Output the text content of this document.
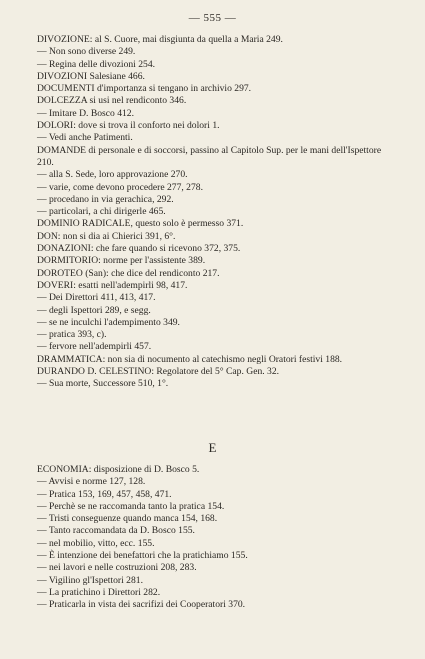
— 555 —

DIVOZIONE: al S. Cuore, mai disgiunta da quella a Maria 249.

— Non sono diverse 249.

— Regina delle divozioni 254.

DIVOZIONI Salesiane 466.

DOCUMENTI d'importanza si tengano in archivio 297.

DOLCEZZA si usi nel rendiconto 346.

— Imitare D. Bosco 412.

DOLORI: dove si trova il conforto nei dolori 1.

— Vedi anche Patimenti.

DOMANDE di personale e di soccorsi, passino al Capitolo Sup. per le mani dell'Ispettore 210.

— alla S. Sede, loro approvazione 270.

— varie, come devono procedere 277, 278.

— procedano in via gerachica, 292.

— particolari, a chi dirigerle 465.

DOMINIO RADICALE, questo solo è permesso 371.

DON: non si dia ai Chierici 391, 6°.

DONAZIONI: che fare quando si ricevono 372, 375.

DORMITORIO: norme per l'assistente 389.

DOROTEO (San): che dice del rendiconto 217.

DOVERI: esatti nell'adempirli 98, 417.

— Dei Direttori 411, 413, 417.

— degli Ispettori 289, e segg.

— se ne inculchi l'adempimento 349.

— pratica 393, c).

— fervore nell'adempirli 457.

DRAMMATICA: non sia di nocumento al catechismo negli Oratori festivi 188.

DURANDO D. CELESTINO: Regolatore del 5° Cap. Gen. 32.

— Sua morte, Successore 510, 1°.

E

ECONOMIA: disposizione di D. Bosco 5.

— Avvisi e norme 127, 128.

— Pratica 153, 169, 457, 458, 471.

— Perchè se ne raccomanda tanto la pratica 154.

— Tristi conseguenze quando manca 154, 168.

— Tanto raccomandata da D. Bosco 155.

— nel mobilio, vitto, ecc. 155.

— È intenzione dei benefattori che la pratichiamo 155.

— nei lavori e nelle costruzioni 208, 283.

— Vigilino gl'Ispettori 281.

— La pratichino i Direttori 282.

— Praticarla in vista dei sacrifizi dei Cooperatori 370.
